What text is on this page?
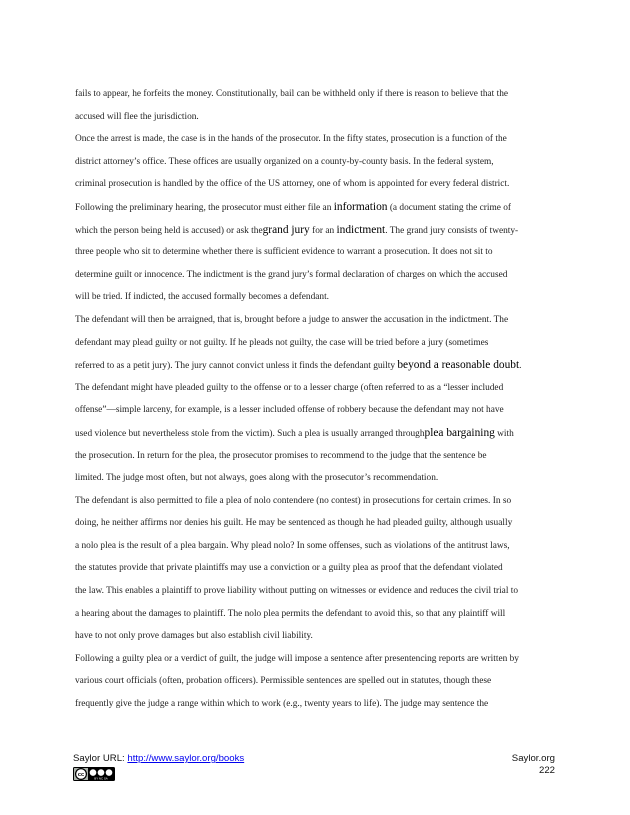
fails to appear, he forfeits the money. Constitutionally, bail can be withheld only if there is reason to believe that the
accused will flee the jurisdiction.
Once the arrest is made, the case is in the hands of the prosecutor. In the fifty states, prosecution is a function of the
district attorney’s office. These offices are usually organized on a county-by-county basis. In the federal system,
criminal prosecution is handled by the office of the US attorney, one of whom is appointed for every federal district.
Following the preliminary hearing, the prosecutor must either file an information (a document stating the crime of
which the person being held is accused) or ask thegrand jury for an indictment. The grand jury consists of twenty-
three people who sit to determine whether there is sufficient evidence to warrant a prosecution. It does not sit to
determine guilt or innocence. The indictment is the grand jury’s formal declaration of charges on which the accused
will be tried. If indicted, the accused formally becomes a defendant.
The defendant will then be arraigned, that is, brought before a judge to answer the accusation in the indictment. The
defendant may plead guilty or not guilty. If he pleads not guilty, the case will be tried before a jury (sometimes
referred to as a petit jury). The jury cannot convict unless it finds the defendant guilty beyond a reasonable doubt.
The defendant might have pleaded guilty to the offense or to a lesser charge (often referred to as a “lesser included
offense”—simple larceny, for example, is a lesser included offense of robbery because the defendant may not have
used violence but nevertheless stole from the victim). Such a plea is usually arranged throughplea bargaining with
the prosecution. In return for the plea, the prosecutor promises to recommend to the judge that the sentence be
limited. The judge most often, but not always, goes along with the prosecutor’s recommendation.
The defendant is also permitted to file a plea of nolo contendere (no contest) in prosecutions for certain crimes. In so
doing, he neither affirms nor denies his guilt. He may be sentenced as though he had pleaded guilty, although usually
a nolo plea is the result of a plea bargain. Why plead nolo? In some offenses, such as violations of the antitrust laws,
the statutes provide that private plaintiffs may use a conviction or a guilty plea as proof that the defendant violated
the law. This enables a plaintiff to prove liability without putting on witnesses or evidence and reduces the civil trial to
a hearing about the damages to plaintiff. The nolo plea permits the defendant to avoid this, so that any plaintiff will
have to not only prove damages but also establish civil liability.
Following a guilty plea or a verdict of guilt, the judge will impose a sentence after presentencing reports are written by
various court officials (often, probation officers). Permissible sentences are spelled out in statutes, though these
frequently give the judge a range within which to work (e.g., twenty years to life). The judge may sentence the
Saylor URL: http://www.saylor.org/books
cc
BY NC SA
Saylor.org
222
